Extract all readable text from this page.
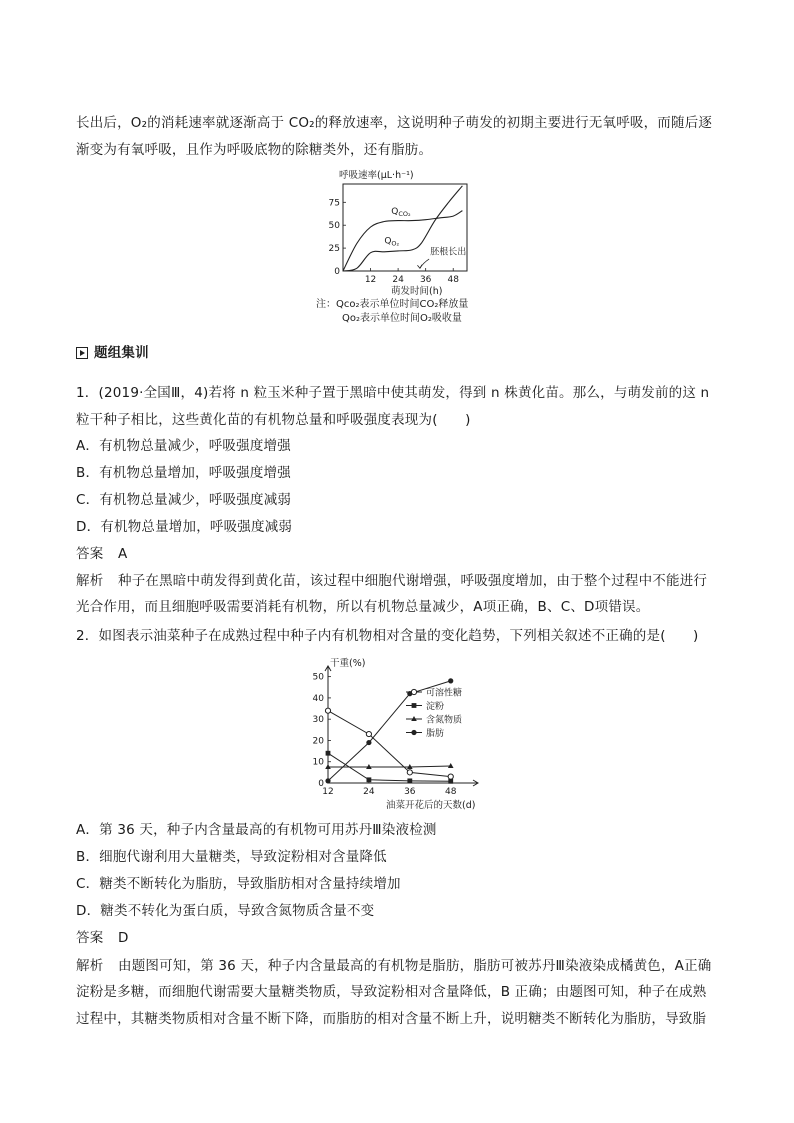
长出后，O₂的消耗速率就逐渐高于 CO₂的释放速率，这说明种子萌发的初期主要进行无氧呼吸，而随后逐
渐变为有氧呼吸，且作为呼吸底物的除糖类外，还有脂肪。
呼吸速率(μL·h⁻¹)
0
25
50
75
12 24 36 48
$Q_{CO_2}$
$Q_{O_2}$
胚根长出
萌发时间(h)
注：Qco₂表示单位时间CO₂释放量
Qo₂表示单位时间O₂吸收量
题组集训
1．(2019·全国Ⅲ，4)若将 n 粒玉米种子置于黑暗中使其萌发，得到 n 株黄化苗。那么，与萌发前的这 n
粒干种子相比，这些黄化苗的有机物总量和呼吸强度表现为(　　)
A．有机物总量减少，呼吸强度增强
B．有机物总量增加，呼吸强度增强
C．有机物总量减少，呼吸强度减弱
D．有机物总量增加，呼吸强度减弱
答案 A
解析 种子在黑暗中萌发得到黄化苗，该过程中细胞代谢增强，呼吸强度增加，由于整个过程中不能进行
光合作用，而且细胞呼吸需要消耗有机物，所以有机物总量减少，A项正确，B、C、D项错误。
2．如图表示油菜种子在成熟过程中种子内有机物相对含量的变化趋势，下列相关叙述不正确的是(　　)
干重(%)
0
10
20
30
40
50
12	24	36	48
可溶性糖
淀粉
含氮物质
脂肪
油菜开花后的天数(d)
A．第 36 天，种子内含量最高的有机物可用苏丹Ⅲ染液检测
B．细胞代谢利用大量糖类，导致淀粉相对含量降低
C．糖类不断转化为脂肪，导致脂肪相对含量持续增加
D．糖类不转化为蛋白质，导致含氮物质含量不变
答案 D
解析 由题图可知，第 36 天，种子内含量最高的有机物是脂肪，脂肪可被苏丹Ⅲ染液染成橘黄色，A正确
淀粉是多糖，而细胞代谢需要大量糖类物质，导致淀粉相对含量降低，B 正确；由题图可知，种子在成熟
过程中，其糖类物质相对含量不断下降，而脂肪的相对含量不断上升，说明糖类不断转化为脂肪，导致脂
